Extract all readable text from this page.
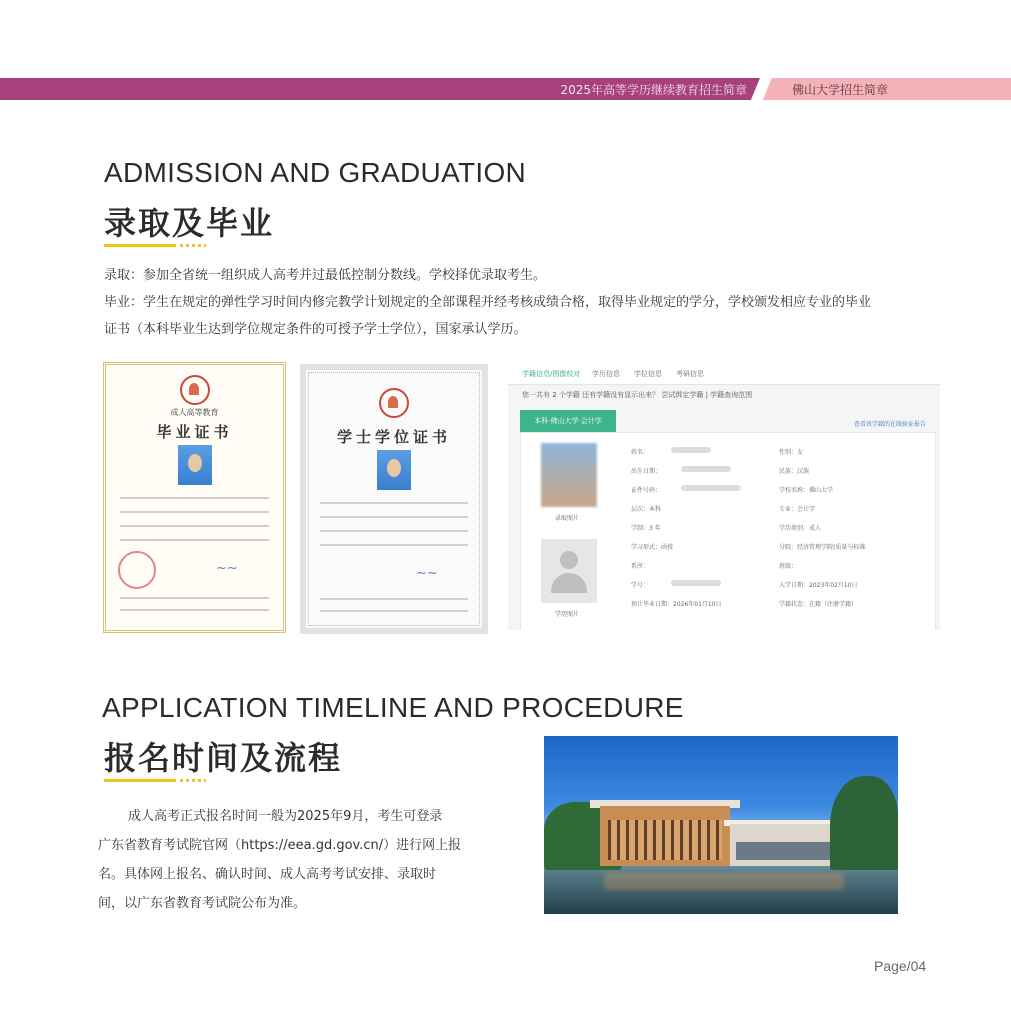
2025年高等学历继续教育招生简章	佛山大学招生简章
ADMISSION AND GRADUATION
录取及毕业
录取：参加全省统一组织成人高考并过最低控制分数线。学校择优录取考生。
毕业：学生在规定的弹性学习时间内修完教学计划规定的全部课程并经考核成绩合格，取得毕业规定的学分，学校颁发相应专业的毕业
证书（本科毕业生达到学位规定条件的可授予学士学位），国家承认学历。
成人高等教育
毕业证书
~~
学士学位证书
~~
学籍信息/图像校对 学历信息 学位信息 考研信息
您一共有 2 个学籍 还有学籍没有显示出来？ 尝试绑定学籍 | 学籍查询范围
本科·佛山大学·会计学	查看该学籍的在线验证报告
录取照片
学历照片
姓名：
出生日期：
证件号码：
层次：本科
学制：3 年
学习形式：函授
系所：
学号：
预计毕业日期：2026年01月10日
性别：女
民族：汉族
学校名称：佛山大学
专业：会计学
学历类别：成人
分院：经济管理学院(质量与标准
班级：
入学日期：2023年02月10日
学籍状态：在籍（注册学籍）
APPLICATION TIMELINE AND PROCEDURE
报名时间及流程
成人高考正式报名时间一般为2025年9月，考生可登录
广东省教育考试院官网（https://eea.gd.gov.cn/）进行网上报
名。具体网上报名、确认时间、成人高考考试安排、录取时
间，以广东省教育考试院公布为准。
Page/04
